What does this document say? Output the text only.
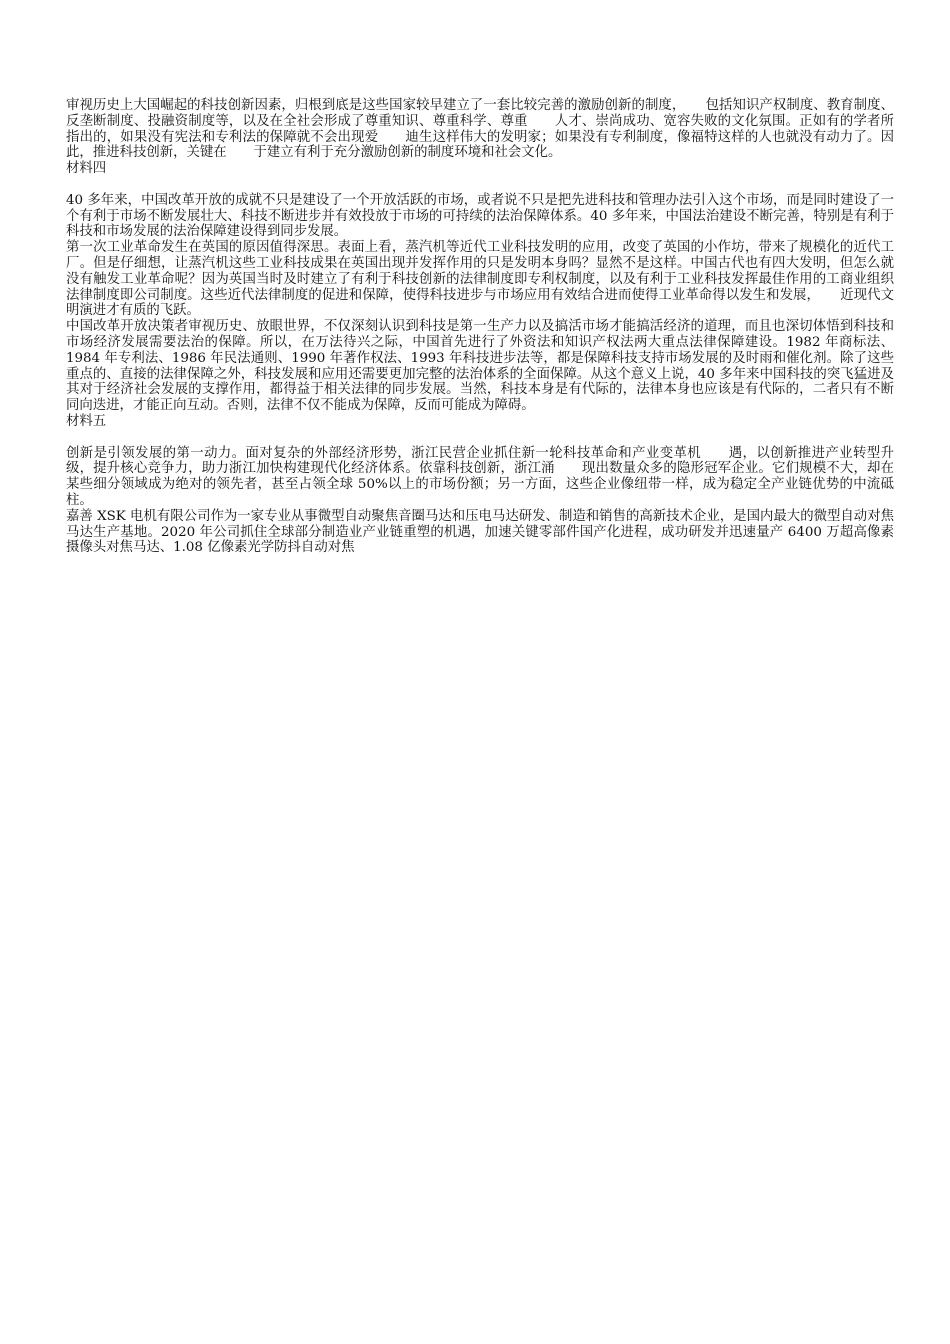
审视历史上大国崛起的科技创新因素，归根到底是这些国家较早建立了一套比较完善的激励创新的制度，　　包括知识产权制度、教育制度、反垄断制度、投融资制度等，以及在全社会形成了尊重知识、尊重科学、尊重　　人才、崇尚成功、宽容失败的文化氛围。正如有的学者所指出的，如果没有宪法和专利法的保障就不会出现爱　　迪生这样伟大的发明家；如果没有专利制度，像福特这样的人也就没有动力了。因此，推进科技创新，关键在　　于建立有利于充分激励创新的制度环境和社会文化。

材料四

40 多年来，中国改革开放的成就不只是建设了一个开放活跃的市场，或者说不只是把先进科技和管理办法引入这个市场，而是同时建设了一个有利于市场不断发展壮大、科技不断进步并有效投放于市场的可持续的法治保障体系。40 多年来，中国法治建设不断完善，特别是有利于科技和市场发展的法治保障建设得到同步发展。

第一次工业革命发生在英国的原因值得深思。表面上看，蒸汽机等近代工业科技发明的应用，改变了英国的小作坊，带来了规模化的近代工厂。但是仔细想，让蒸汽机这些工业科技成果在英国出现并发挥作用的只是发明本身吗？显然不是这样。中国古代也有四大发明，但怎么就没有触发工业革命呢？因为英国当时及时建立了有利于科技创新的法律制度即专利权制度，以及有利于工业科技发挥最佳作用的工商业组织法律制度即公司制度。这些近代法律制度的促进和保障，使得科技进步与市场应用有效结合进而使得工业革命得以发生和发展，　　近现代文明演进才有质的飞跃。

中国改革开放决策者审视历史、放眼世界，不仅深刻认识到科技是第一生产力以及搞活市场才能搞活经济的道理，而且也深切体悟到科技和市场经济发展需要法治的保障。所以，在万法待兴之际，中国首先进行了外资法和知识产权法两大重点法律保障建设。1982 年商标法、1984 年专利法、1986 年民法通则、1990 年著作权法、1993 年科技进步法等，都是保障科技支持市场发展的及时雨和催化剂。除了这些重点的、直接的法律保障之外，科技发展和应用还需要更加完整的法治体系的全面保障。从这个意义上说，40 多年来中国科技的突飞猛进及其对于经济社会发展的支撑作用，都得益于相关法律的同步发展。当然，科技本身是有代际的，法律本身也应该是有代际的，二者只有不断同向迭进，才能正向互动。否则，法律不仅不能成为保障，反而可能成为障碍。

材料五

创新是引领发展的第一动力。面对复杂的外部经济形势，浙江民营企业抓住新一轮科技革命和产业变革机　　遇，以创新推进产业转型升级，提升核心竞争力，助力浙江加快构建现代化经济体系。依靠科技创新，浙江涌　　现出数量众多的隐形冠军企业。它们规模不大，却在某些细分领域成为绝对的领先者，甚至占领全球 50%以上的市场份额；另一方面，这些企业像纽带一样，成为稳定全产业链优势的中流砥柱。

嘉善 XSK 电机有限公司作为一家专业从事微型自动聚焦音圈马达和压电马达研发、制造和销售的高新技术企业，是国内最大的微型自动对焦马达生产基地。2020 年公司抓住全球部分制造业产业链重塑的机遇，加速关键零部件国产化进程，成功研发并迅速量产 6400 万超高像素摄像头对焦马达、1.08 亿像素光学防抖自动对焦
